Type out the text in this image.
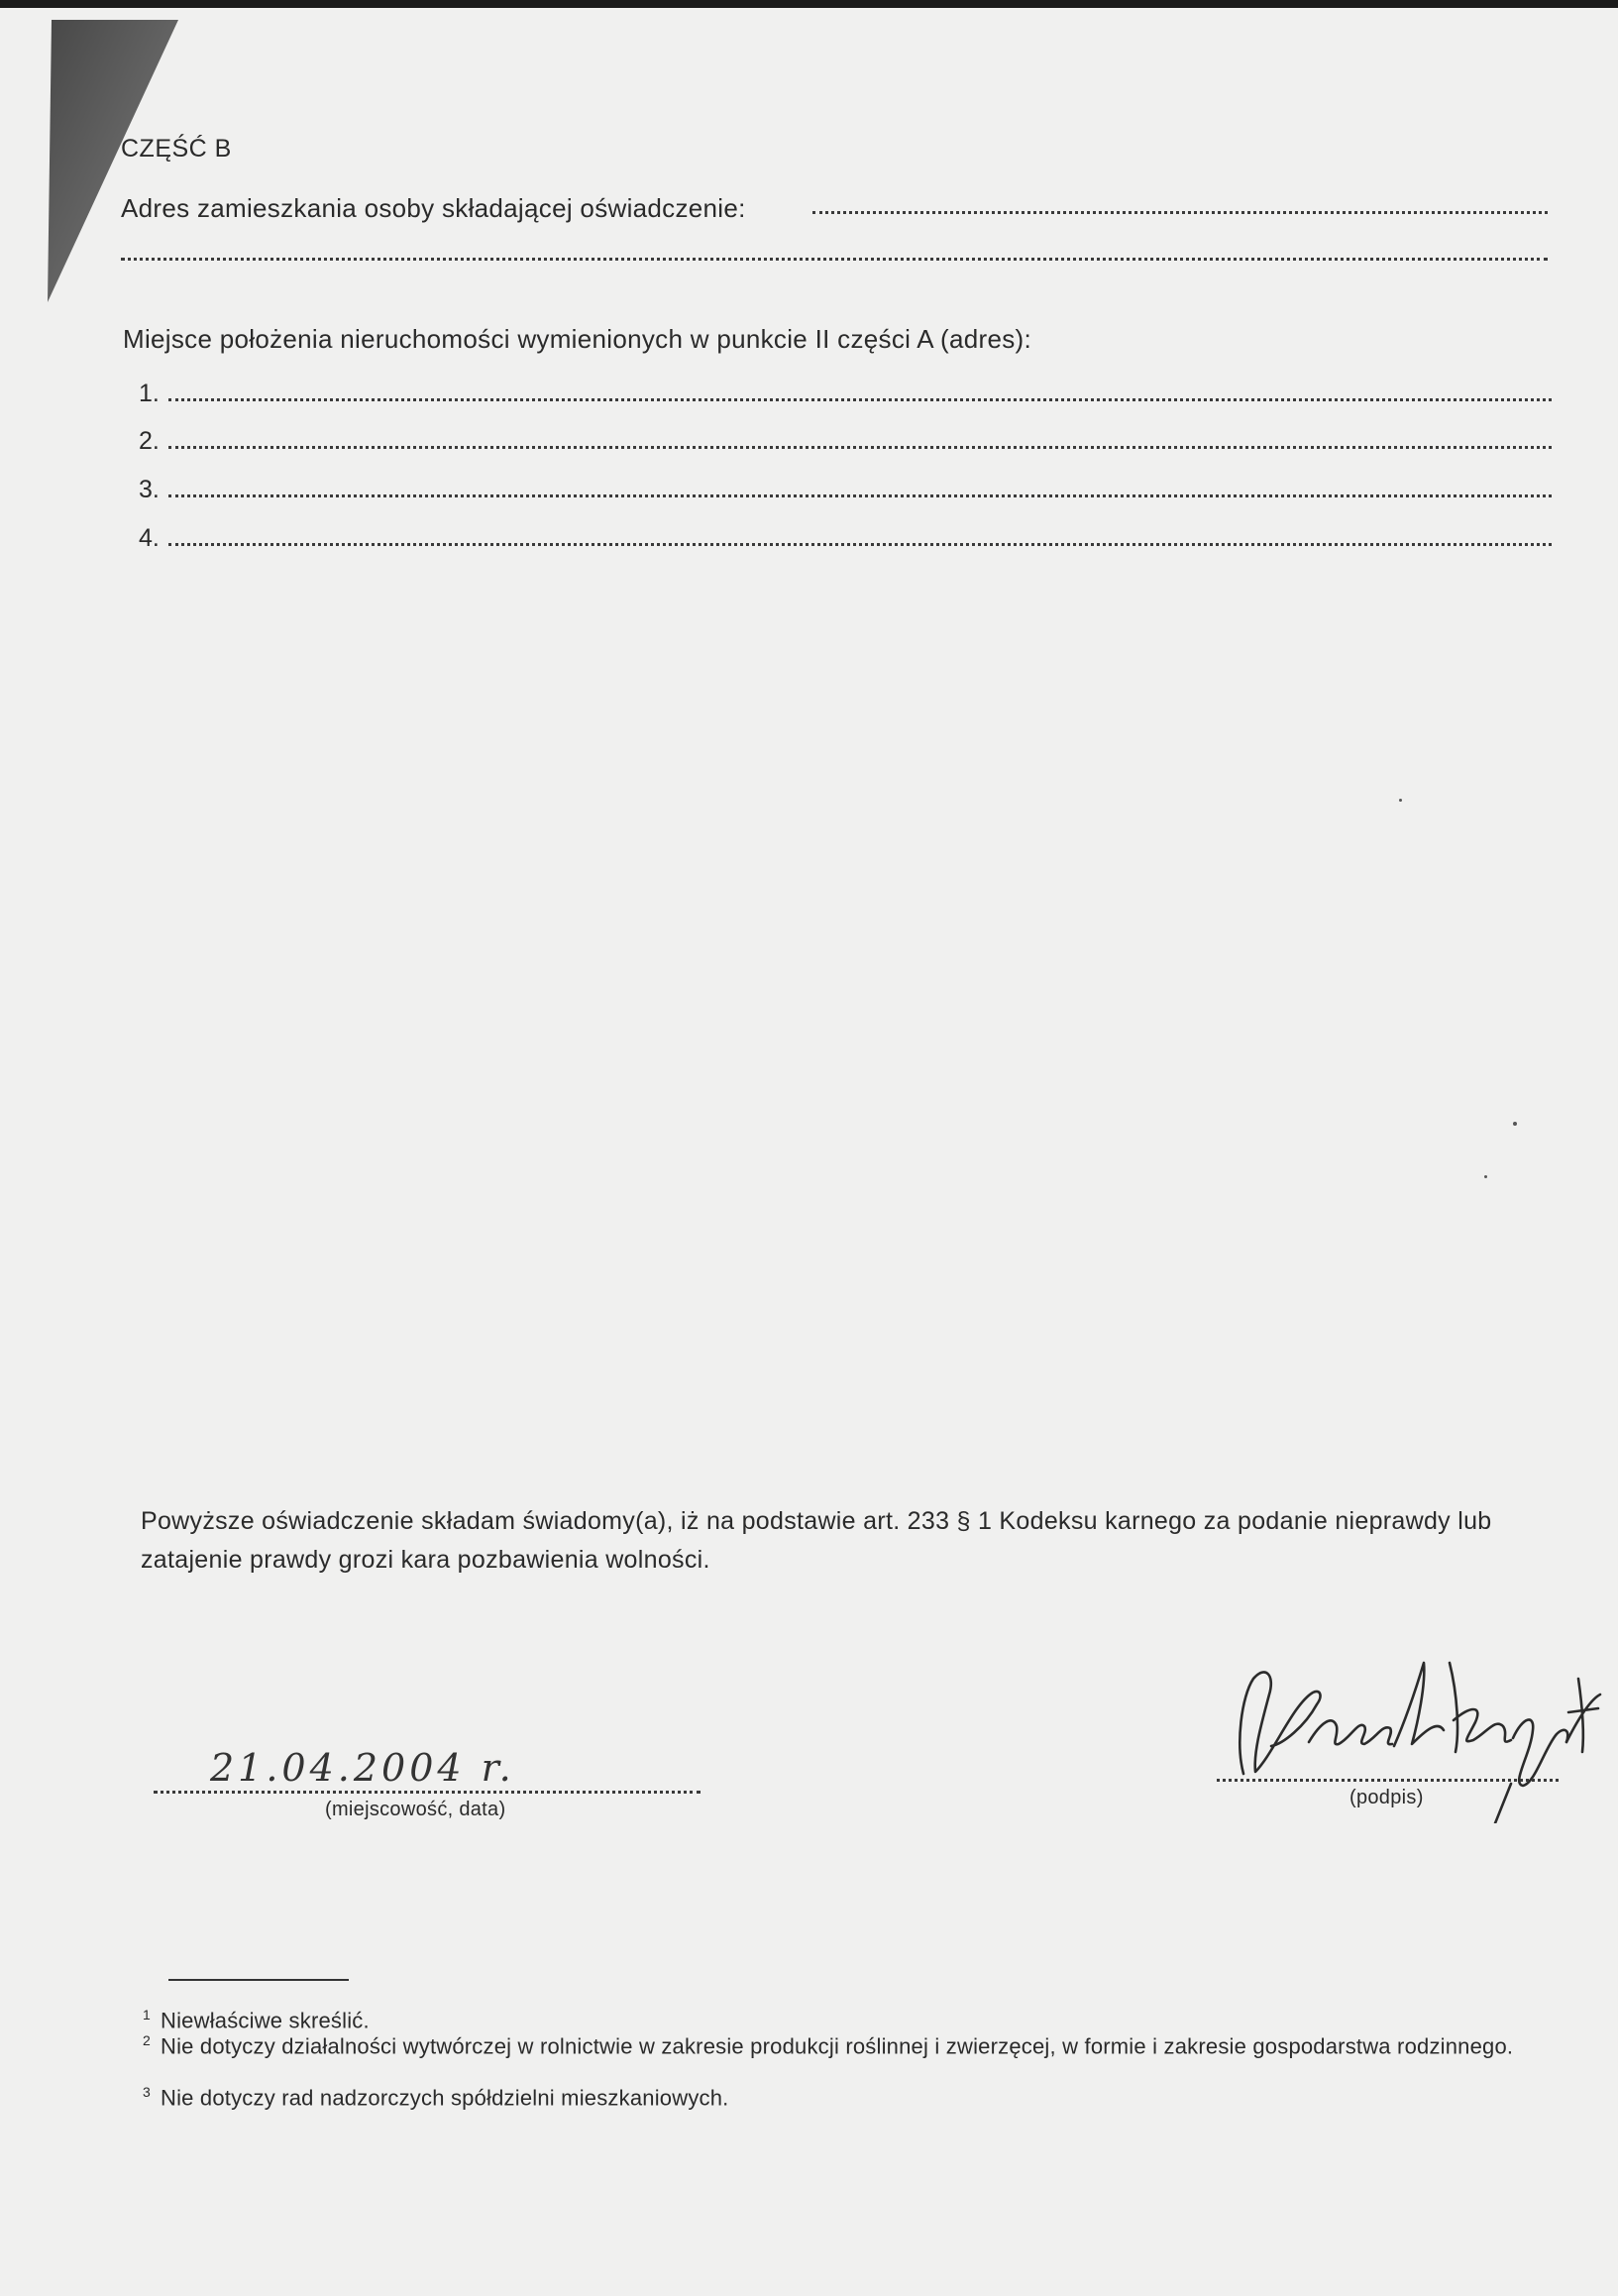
CZĘŚĆ B
Adres zamieszkania osoby składającej oświadczenie:
Miejsce położenia nieruchomości wymienionych w punkcie II części A (adres):
1.
2.
3.
4.
Powyższe oświadczenie składam świadomy(a), iż na podstawie art. 233 § 1 Kodeksu karnego za podanie nieprawdy lub zatajenie prawdy grozi kara pozbawienia wolności.
21.04.2004 r.
(miejscowość, data)
(podpis)
$^1$ Niewłaściwe skreślić.
$^2$ Nie dotyczy działalności wytwórczej w rolnictwie w zakresie produkcji roślinnej i zwierzęcej, w formie i zakresie gospodarstwa rodzinnego.
$^3$ Nie dotyczy rad nadzorczych spółdzielni mieszkaniowych.
